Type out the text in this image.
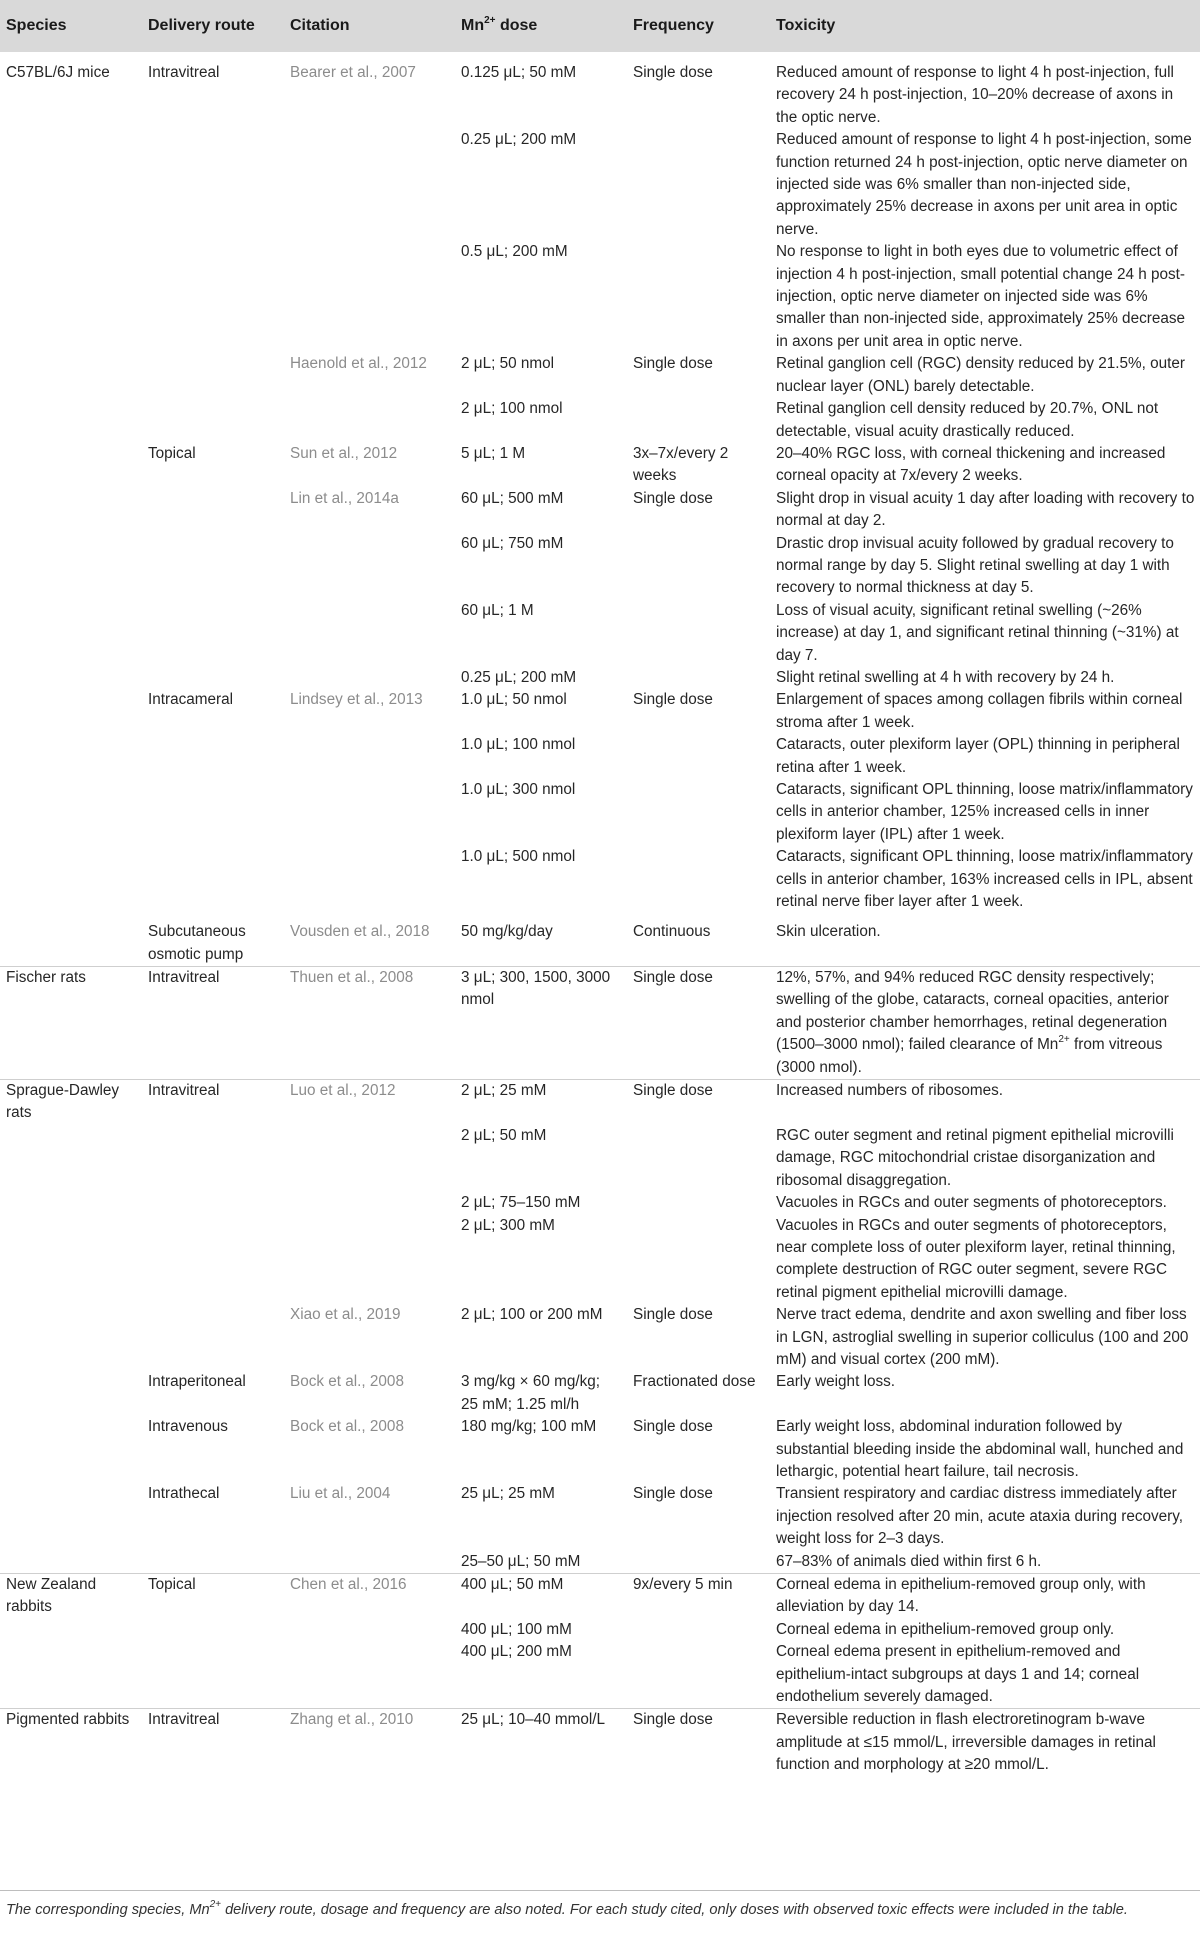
Species	Delivery route	Citation	$Mn^{2+}$ dose	Frequency	Toxicity
C57BL/6J mice	Intravitreal	Bearer et al., 2007	0.125 μL; 50 mM	Single dose	Reduced amount of response to light 4 h post-injection, full recovery 24 h post-injection, 10–20% decrease of axons in the optic nerve.
			0.25 μL; 200 mM		Reduced amount of response to light 4 h post-injection, some function returned 24 h post-injection, optic nerve diameter on injected side was 6% smaller than non-injected side, approximately 25% decrease in axons per unit area in optic nerve.
			0.5 μL; 200 mM		No response to light in both eyes due to volumetric effect of injection 4 h post-injection, small potential change 24 h post-injection, optic nerve diameter on injected side was 6% smaller than non-injected side, approximately 25% decrease in axons per unit area in optic nerve.
		Haenold et al., 2012	2 μL; 50 nmol	Single dose	Retinal ganglion cell (RGC) density reduced by 21.5%, outer nuclear layer (ONL) barely detectable.
			2 μL; 100 nmol		Retinal ganglion cell density reduced by 20.7%, ONL not detectable, visual acuity drastically reduced.
	Topical	Sun et al., 2012	5 μL; 1 M	3x–7x/every 2 weeks	20–40% RGC loss, with corneal thickening and increased corneal opacity at 7x/every 2 weeks.
		Lin et al., 2014a	60 μL; 500 mM	Single dose	Slight drop in visual acuity 1 day after loading with recovery to normal at day 2.
			60 μL; 750 mM		Drastic drop invisual acuity followed by gradual recovery to normal range by day 5. Slight retinal swelling at day 1 with recovery to normal thickness at day 5.
			60 μL; 1 M		Loss of visual acuity, significant retinal swelling (~26% increase) at day 1, and significant retinal thinning (~31%) at day 7.
			0.25 μL; 200 mM		Slight retinal swelling at 4 h with recovery by 24 h.
	Intracameral	Lindsey et al., 2013	1.0 μL; 50 nmol	Single dose	Enlargement of spaces among collagen fibrils within corneal stroma after 1 week.
			1.0 μL; 100 nmol		Cataracts, outer plexiform layer (OPL) thinning in peripheral retina after 1 week.
			1.0 μL; 300 nmol		Cataracts, significant OPL thinning, loose matrix/inflammatory cells in anterior chamber, 125% increased cells in inner plexiform layer (IPL) after 1 week.
			1.0 μL; 500 nmol		Cataracts, significant OPL thinning, loose matrix/inflammatory cells in anterior chamber, 163% increased cells in IPL, absent retinal nerve fiber layer after 1 week.
	Subcutaneous osmotic pump	Vousden et al., 2018	50 mg/kg/day	Continuous	Skin ulceration.
Fischer rats	Intravitreal	Thuen et al., 2008	3 μL; 300, 1500, 3000 nmol	Single dose	12%, 57%, and 94% reduced RGC density respectively; swelling of the globe, cataracts, corneal opacities, anterior and posterior chamber hemorrhages, retinal degeneration (1500–3000 nmol); failed clearance of $Mn^{2+}$ from vitreous (3000 nmol).
Sprague-Dawley rats	Intravitreal	Luo et al., 2012	2 μL; 25 mM	Single dose	Increased numbers of ribosomes.
			2 μL; 50 mM		RGC outer segment and retinal pigment epithelial microvilli damage, RGC mitochondrial cristae disorganization and ribosomal disaggregation.
			2 μL; 75–150 mM		Vacuoles in RGCs and outer segments of photoreceptors.
			2 μL; 300 mM		Vacuoles in RGCs and outer segments of photoreceptors, near complete loss of outer plexiform layer, retinal thinning, complete destruction of RGC outer segment, severe RGC retinal pigment epithelial microvilli damage.
		Xiao et al., 2019	2 μL; 100 or 200 mM	Single dose	Nerve tract edema, dendrite and axon swelling and fiber loss in LGN, astroglial swelling in superior colliculus (100 and 200 mM) and visual cortex (200 mM).
	Intraperitoneal	Bock et al., 2008	3 mg/kg × 60 mg/kg; 25 mM; 1.25 ml/h	Fractionated dose	Early weight loss.
	Intravenous	Bock et al., 2008	180 mg/kg; 100 mM	Single dose	Early weight loss, abdominal induration followed by substantial bleeding inside the abdominal wall, hunched and lethargic, potential heart failure, tail necrosis.
	Intrathecal	Liu et al., 2004	25 μL; 25 mM	Single dose	Transient respiratory and cardiac distress immediately after injection resolved after 20 min, acute ataxia during recovery, weight loss for 2–3 days.
			25–50 μL; 50 mM		67–83% of animals died within first 6 h.
New Zealand rabbits	Topical	Chen et al., 2016	400 μL; 50 mM	9x/every 5 min	Corneal edema in epithelium-removed group only, with alleviation by day 14.
			400 μL; 100 mM		Corneal edema in epithelium-removed group only.
			400 μL; 200 mM		Corneal edema present in epithelium-removed and epithelium-intact subgroups at days 1 and 14; corneal endothelium severely damaged.
Pigmented rabbits	Intravitreal	Zhang et al., 2010	25 μL; 10–40 mmol/L	Single dose	Reversible reduction in flash electroretinogram b-wave amplitude at ≤15 mmol/L, irreversible damages in retinal function and morphology at ≥20 mmol/L.
The corresponding species, $Mn^{2+}$ delivery route, dosage and frequency are also noted. For each study cited, only doses with observed toxic effects were included in the table.
